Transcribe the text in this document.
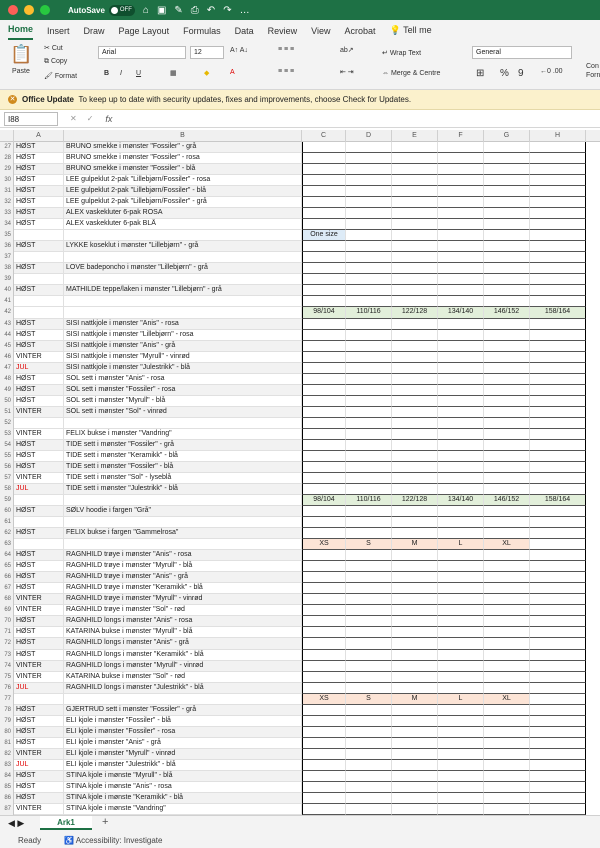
AutoSave	OFF ⌂ ▣ ✎ ⎙ ↶ ↷ …
Home Insert Draw Page Layout Formulas Data Review View Acrobat 💡 Tell me
📋
Paste
✂ Cut
⧉ Copy
🖌 Format
Arial	12	A↑ A↓
B I U	▦	◆	A
≡ ≡ ≡
≡ ≡ ≡
ab↗
⇤ ⇥
↵ Wrap Text
⇔ Merge & Centre
General
⊞ % 9 ←0 .00
Con Forn
✕ Office Update
To keep up to date with security updates, fixes and improvements, choose Check for Updates.
I88	✕ ✓ fx
A	B	C	D	E	F	G	H
27 HØST	BRUNO smekke i mønster "Fossiler" - grå
28 HØST	BRUNO smekke i mønster "Fossiler" - rosa
29 HØST	BRUNO smekke i mønster "Fossiler" - blå
30 HØST	LEE gulpeklut 2-pak "Lillebjørn/Fossiler" - rosa
31 HØST	LEE gulpeklut 2-pak "Lillebjørn/Fossiler" - blå
32 HØST	LEE gulpeklut 2-pak "Lillebjørn/Fossiler" - grå
33 HØST	ALEX vaskekluter 6-pak ROSA
34 HØST	ALEX vaskekluter 6-pak BLÅ
35	One size
36 HØST	LYKKE koseklut i mønster "Lillebjørn" - grå
37
38 HØST	LOVE badeponcho i mønster "Lillebjørn" - grå
39
40 HØST	MATHILDE teppe/laken i mønster "Lillebjørn" - grå
41
42	98/104	110/116	122/128	134/140	146/152	158/164
43 HØST	SISI nattkjole i mønster "Anis" - rosa
44 HØST	SISI nattkjole i mønster "Lillebjørn" - rosa
45 HØST	SISI nattkjole i mønster "Anis" - grå
46 VINTER	SISI nattkjole i mønster "Myrull" - vinrød
47 JUL	SISI nattkjole i mønster "Julestrikk" - blå
48 HØST	SOL sett i mønster "Anis" - rosa
49 HØST	SOL sett i mønster "Fossiler" - rosa
50 HØST	SOL sett i mønster "Myrull" - blå
51 VINTER	SOL sett i mønster "Sol" - vinrød
52
53 VINTER	FELIX bukse i mønster "Vandring"
54 HØST	TIDE sett i mønster "Fossiler" - grå
55 HØST	TIDE sett i mønster "Keramikk" - blå
56 HØST	TIDE sett i mønster "Fossiler" - blå
57 VINTER	TIDE sett i mønster "Sol" - lyseblå
58 JUL	TIDE sett i mønster "Julestrikk" - blå
59	98/104	110/116	122/128	134/140	146/152	158/164
60 HØST	SØLV hoodie i fargen "Grå"
61
62 HØST	FELIX bukse i fargen "Gammelrosa"
63	XS	S	M	L	XL
64 HØST	RAGNHILD trøye i mønster "Anis" - rosa
65 HØST	RAGNHILD trøye i mønster "Myrull" - blå
66 HØST	RAGNHILD trøye i mønster "Anis" - grå
67 HØST	RAGNHILD trøye i mønster "Keramikk" - blå
68 VINTER	RAGNHILD trøye i mønster "Myrull" - vinrød
69 VINTER	RAGNHILD trøye i mønster "Sol" - rød
70 HØST	RAGNHILD longs i mønster "Anis" - rosa
71 HØST	KATARINA bukse i mønster "Myrull" - blå
72 HØST	RAGNHILD longs i mønster "Anis" - grå
73 HØST	RAGNHILD longs i mønster "Keramikk" - blå
74 VINTER	RAGNHILD longs i mønster "Myrull" - vinrød
75 VINTER	KATARINA bukse i mønster "Sol" - rød
76 JUL	RAGNHILD longs i mønster "Julestrikk" - blå
77	XS	S	M	L	XL
78 HØST	GJERTRUD sett i mønster "Fossiler" - grå
79 HØST	ELI kjole i mønster "Fossiler" - blå
80 HØST	ELI kjole i mønster "Fossiler" - rosa
81 HØST	ELI kjole i mønster "Anis" - grå
82 VINTER	ELI kjole i mønster "Myrull" - vinrød
83 JUL	ELI kjole i mønster "Julestrikk" - blå
84 HØST	STINA kjole i mønste "Myrull" - blå
85 HØST	STINA kjole i mønste "Anis" - rosa
86 HØST	STINA kjole i mønste "Keramikk" - blå
87 VINTER	STINA kjole i mønste "Vandring"
◀ ▶	Ark1	+
Ready	♿ Accessibility: Investigate
